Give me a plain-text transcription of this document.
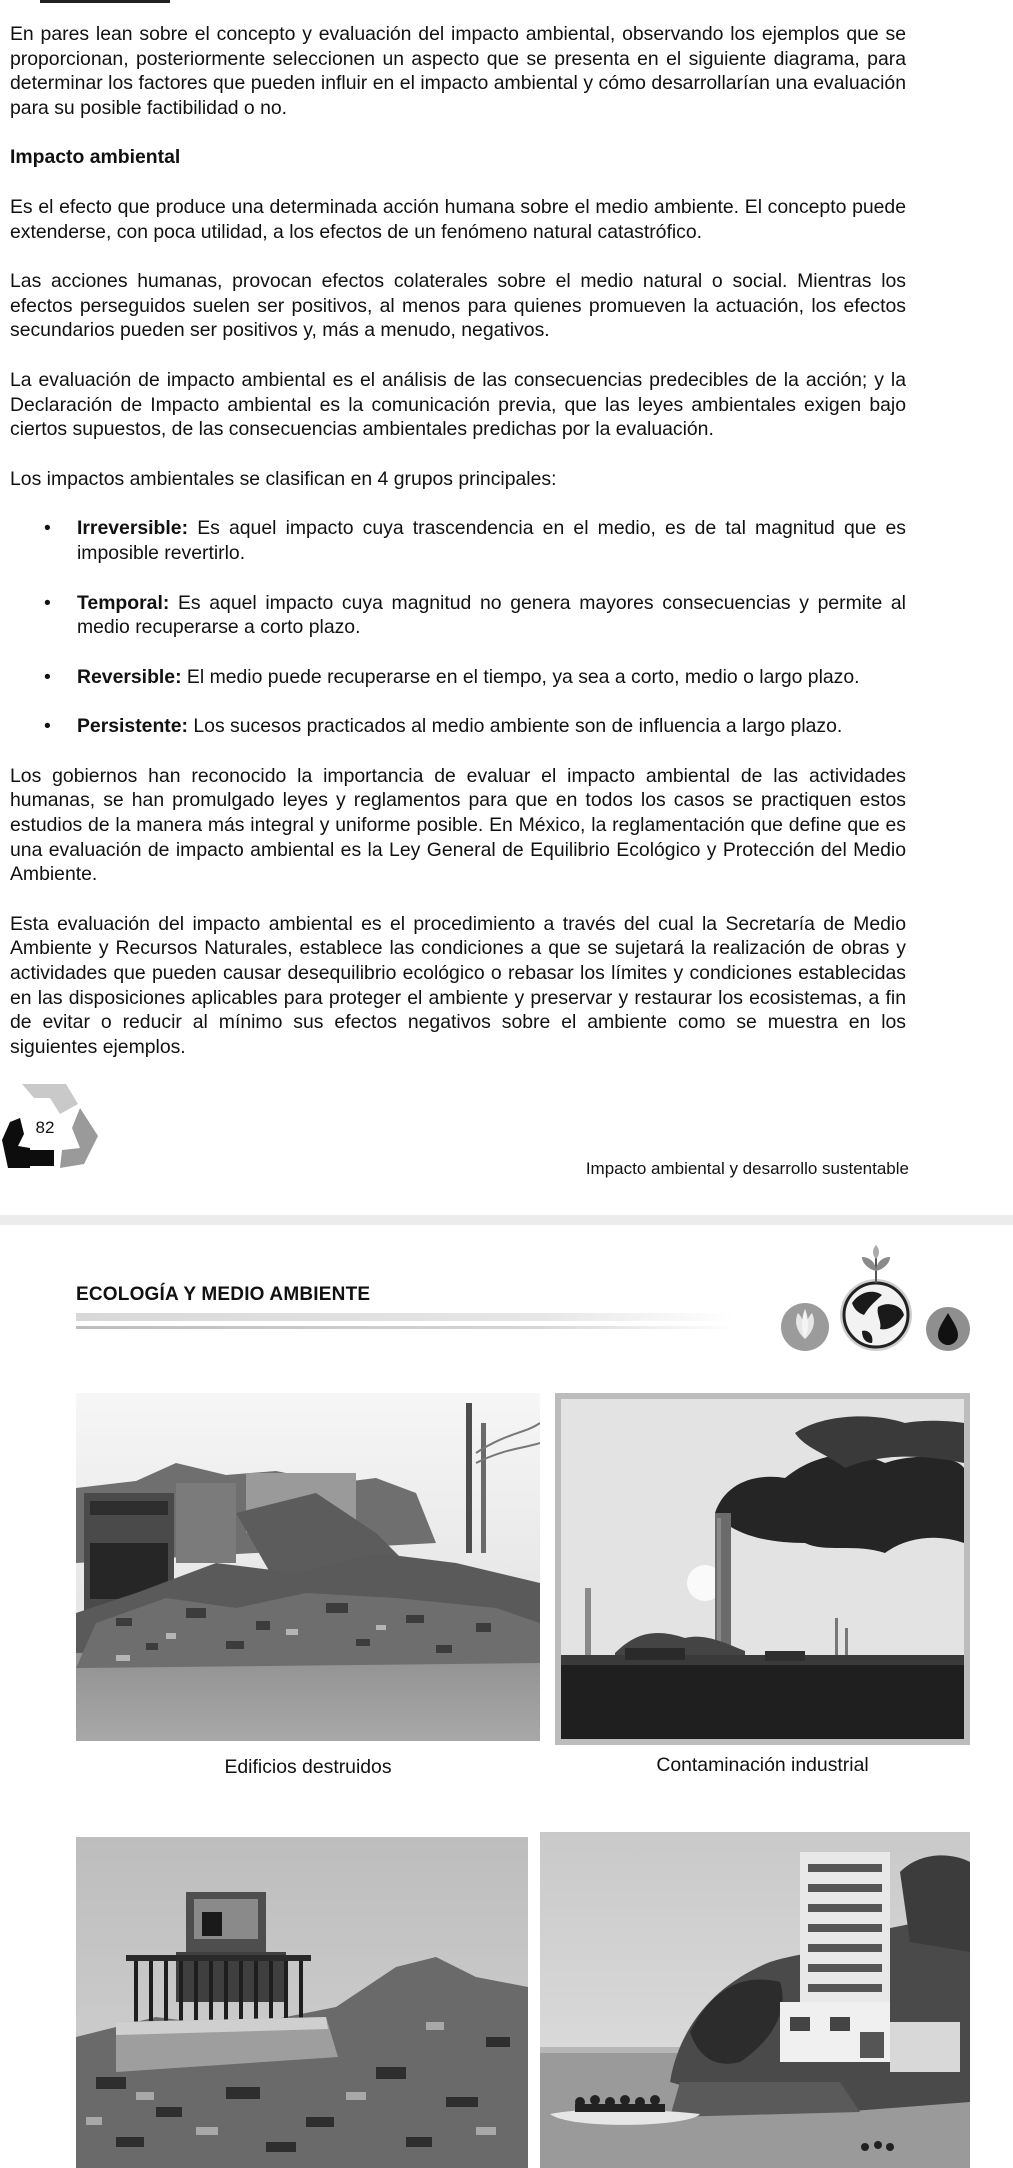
En pares lean sobre el concepto y evaluación del impacto ambiental, observando los ejemplos que se proporcionan, posteriormente seleccionen un aspecto que se presenta en el siguiente diagrama, para determinar los factores que pueden influir en el impacto ambiental y cómo desarrollarían una evaluación para su posible factibilidad o no.

Impacto ambiental

Es el efecto que produce una determinada acción humana sobre el medio ambiente. El concepto puede extenderse, con poca utilidad, a los efectos de un fenómeno natural catastrófico.

Las acciones humanas, provocan efectos colaterales sobre el medio natural o social. Mientras los efectos perseguidos suelen ser positivos, al menos para quienes promueven la actuación, los efectos secundarios pueden ser positivos y, más a menudo, negativos.

La evaluación de impacto ambiental es el análisis de las consecuencias predecibles de la acción; y la Declaración de Impacto ambiental es la comunicación previa, que las leyes ambientales exigen bajo ciertos supuestos, de las consecuencias ambientales predichas por la evaluación.

Los impactos ambientales se clasifican en 4 grupos principales:

• Irreversible: Es aquel impacto cuya trascendencia en el medio, es de tal magnitud que es imposible revertirlo.
• Temporal: Es aquel impacto cuya magnitud no genera mayores consecuencias y permite al medio recuperarse a corto plazo.
• Reversible: El medio puede recuperarse en el tiempo, ya sea a corto, medio o largo plazo.
• Persistente: Los sucesos practicados al medio ambiente son de influencia a largo plazo.

Los gobiernos han reconocido la importancia de evaluar el impacto ambiental de las actividades humanas, se han promulgado leyes y reglamentos para que en todos los casos se practiquen estos estudios de la manera más integral y uniforme posible. En México, la reglamentación que define que es una evaluación de impacto ambiental es la Ley General de Equilibrio Ecológico y Protección del Medio Ambiente.

Esta evaluación del impacto ambiental es el procedimiento a través del cual la Secretaría de Medio Ambiente y Recursos Naturales, establece las condiciones a que se sujetará la realización de obras y actividades que pueden causar desequilibrio ecológico o rebasar los límites y condiciones establecidas en las disposiciones aplicables para proteger el ambiente y preservar y restaurar los ecosistemas, a fin de evitar o reducir al mínimo sus efectos negativos sobre el ambiente como se muestra en los siguientes ejemplos.

82
Impacto ambiental y desarrollo sustentable
ECOLOGÍA Y MEDIO AMBIENTE
Edificios destruidos	Contaminación industrial
